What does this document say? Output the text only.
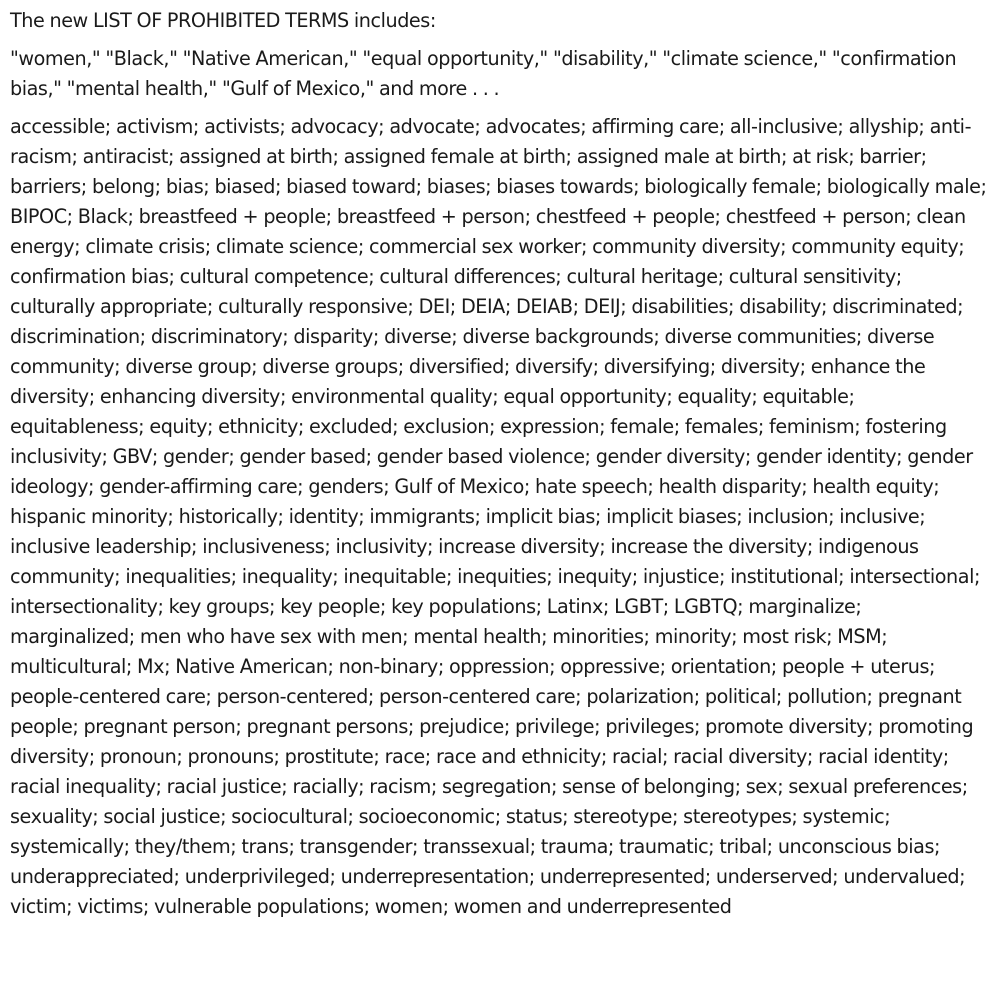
The new LIST OF PROHIBITED TERMS includes:

"women," "Black," "Native American," "equal opportunity," "disability," "climate science," "confirmation bias," "mental health," "Gulf of Mexico," and more . . .

accessible; activism; activists; advocacy; advocate; advocates; affirming care; all-inclusive; allyship; anti-racism; antiracist; assigned at birth; assigned female at birth; assigned male at birth; at risk; barrier; barriers; belong; bias; biased; biased toward; biases; biases towards; biologically female; biologically male; BIPOC; Black; breastfeed + people; breastfeed + person; chestfeed + people; chestfeed + person; clean energy; climate crisis; climate science; commercial sex worker; community diversity; community equity; confirmation bias; cultural competence; cultural differences; cultural heritage; cultural sensitivity; culturally appropriate; culturally responsive; DEI; DEIA; DEIAB; DEIJ; disabilities; disability; discriminated; discrimination; discriminatory; disparity; diverse; diverse backgrounds; diverse communities; diverse community; diverse group; diverse groups; diversified; diversify; diversifying; diversity; enhance the diversity; enhancing diversity; environmental quality; equal opportunity; equality; equitable; equitableness; equity; ethnicity; excluded; exclusion; expression; female; females; feminism; fostering inclusivity; GBV; gender; gender based; gender based violence; gender diversity; gender identity; gender ideology; gender-affirming care; genders; Gulf of Mexico; hate speech; health disparity; health equity; hispanic minority; historically; identity; immigrants; implicit bias; implicit biases; inclusion; inclusive; inclusive leadership; inclusiveness; inclusivity; increase diversity; increase the diversity; indigenous community; inequalities; inequality; inequitable; inequities; inequity; injustice; institutional; intersectional; intersectionality; key groups; key people; key populations; Latinx; LGBT; LGBTQ; marginalize; marginalized; men who have sex with men; mental health; minorities; minority; most risk; MSM; multicultural; Mx; Native American; non-binary; oppression; oppressive; orientation; people + uterus; people-centered care; person-centered; person-centered care; polarization; political; pollution; pregnant people; pregnant person; pregnant persons; prejudice; privilege; privileges; promote diversity; promoting diversity; pronoun; pronouns; prostitute; race; race and ethnicity; racial; racial diversity; racial identity; racial inequality; racial justice; racially; racism; segregation; sense of belonging; sex; sexual preferences; sexuality; social justice; sociocultural; socioeconomic; status; stereotype; stereotypes; systemic; systemically; they/them; trans; transgender; transsexual; trauma; traumatic; tribal; unconscious bias; underappreciated; underprivileged; underrepresentation; underrepresented; underserved; undervalued; victim; victims; vulnerable populations; women; women and underrepresented
